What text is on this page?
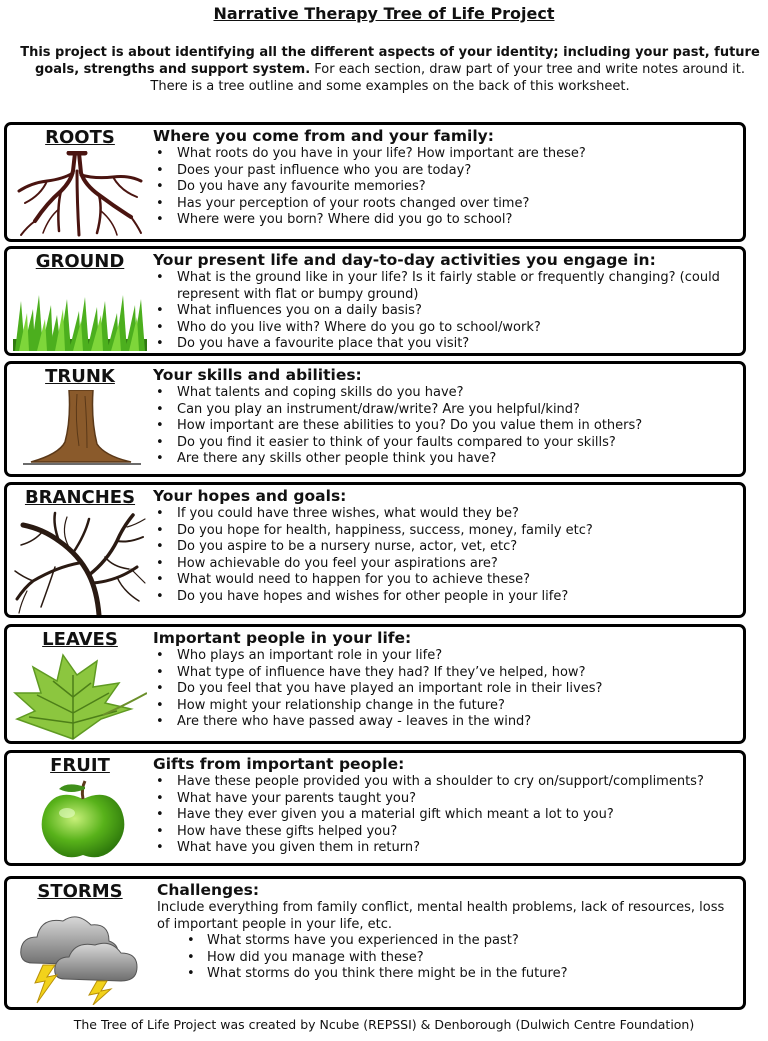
Narrative Therapy Tree of Life Project
This project is about identifying all the different aspects of your identity; including your past, future goals, strengths and support system. For each section, draw part of your tree and write notes around it. There is a tree outline and some examples on the back of this worksheet.
ROOTS	Where you come from and your family:
• What roots do you have in your life? How important are these?
• Does your past influence who you are today?
• Do you have any favourite memories?
• Has your perception of your roots changed over time?
• Where were you born? Where did you go to school?
GROUND	Your present life and day-to-day activities you engage in:
• What is the ground like in your life? Is it fairly stable or frequently changing? (could represent with flat or bumpy ground)
• What influences you on a daily basis?
• Who do you live with? Where do you go to school/work?
• Do you have a favourite place that you visit?
TRUNK	Your skills and abilities:
• What talents and coping skills do you have?
• Can you play an instrument/draw/write? Are you helpful/kind?
• How important are these abilities to you? Do you value them in others?
• Do you find it easier to think of your faults compared to your skills?
• Are there any skills other people think you have?
BRANCHES	Your hopes and goals:
• If you could have three wishes, what would they be?
• Do you hope for health, happiness, success, money, family etc?
• Do you aspire to be a nursery nurse, actor, vet, etc?
• How achievable do you feel your aspirations are?
• What would need to happen for you to achieve these?
• Do you have hopes and wishes for other people in your life?
LEAVES	Important people in your life:
• Who plays an important role in your life?
• What type of influence have they had? If they’ve helped, how?
• Do you feel that you have played an important role in their lives?
• How might your relationship change in the future?
• Are there who have passed away - leaves in the wind?
FRUIT	Gifts from important people:
• Have these people provided you with a shoulder to cry on/support/compliments?
• What have your parents taught you?
• Have they ever given you a material gift which meant a lot to you?
• How have these gifts helped you?
• What have you given them in return?
STORMS	Challenges:
Include everything from family conflict, mental health problems, lack of resources, loss of important people in your life, etc.
• What storms have you experienced in the past?
• How did you manage with these?
• What storms do you think there might be in the future?
The Tree of Life Project was created by Ncube (REPSSI) & Denborough (Dulwich Centre Foundation)
